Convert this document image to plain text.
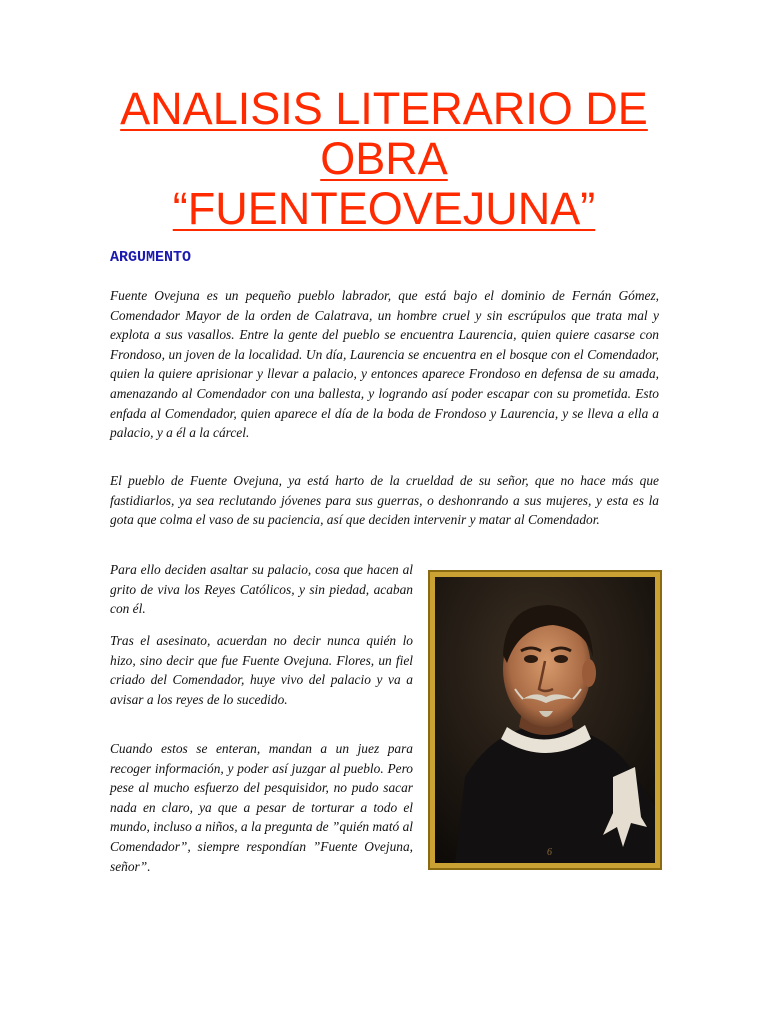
ANALISIS LITERARIO DE
OBRA
“FUENTEOVEJUNA”
ARGUMENTO

Fuente Ovejuna es un pequeño pueblo labrador, que está bajo el dominio de Fernán Gómez, Comendador Mayor de la orden de Calatrava, un hombre cruel y sin escrúpulos que trata mal y explota a sus vasallos. Entre la gente del pueblo se encuentra Laurencia, quien quiere casarse con Frondoso, un joven de la localidad. Un día, Laurencia se encuentra en el bosque con el Comendador, quien la quiere aprisionar y llevar a palacio, y entonces aparece Frondoso en defensa de su amada, amenazando al Comendador con una ballesta, y logrando así poder escapar con su prometida. Esto enfada al Comendador, quien aparece el día de la boda de Frondoso y Laurencia, y se lleva a ella a palacio, y a él a la cárcel.

El pueblo de Fuente Ovejuna, ya está harto de la crueldad de su señor, que no hace más que fastidiarlos, ya sea reclutando jóvenes para sus guerras, o deshonrando a sus mujeres, y esta es la gota que colma el vaso de su paciencia, así que deciden intervenir y matar al Comendador.

Para ello deciden asaltar su palacio, cosa que hacen al grito de viva los Reyes Católicos, y sin piedad, acaban con él.

Tras el asesinato, acuerdan no decir nunca quién lo hizo, sino decir que fue Fuente Ovejuna. Flores, un fiel criado del Comendador, huye vivo del palacio y va a avisar a los reyes de lo sucedido.

Cuando estos se enteran, mandan a un juez para recoger información, y poder así juzgar al pueblo. Pero pese al mucho esfuerzo del pesquisidor, no pudo sacar nada en claro, ya que a pesar de torturar a todo el mundo, incluso a niños, a la pregunta de ”quién mató al Comendador”, siempre respondían ”Fuente Ovejuna, señor”.

6
